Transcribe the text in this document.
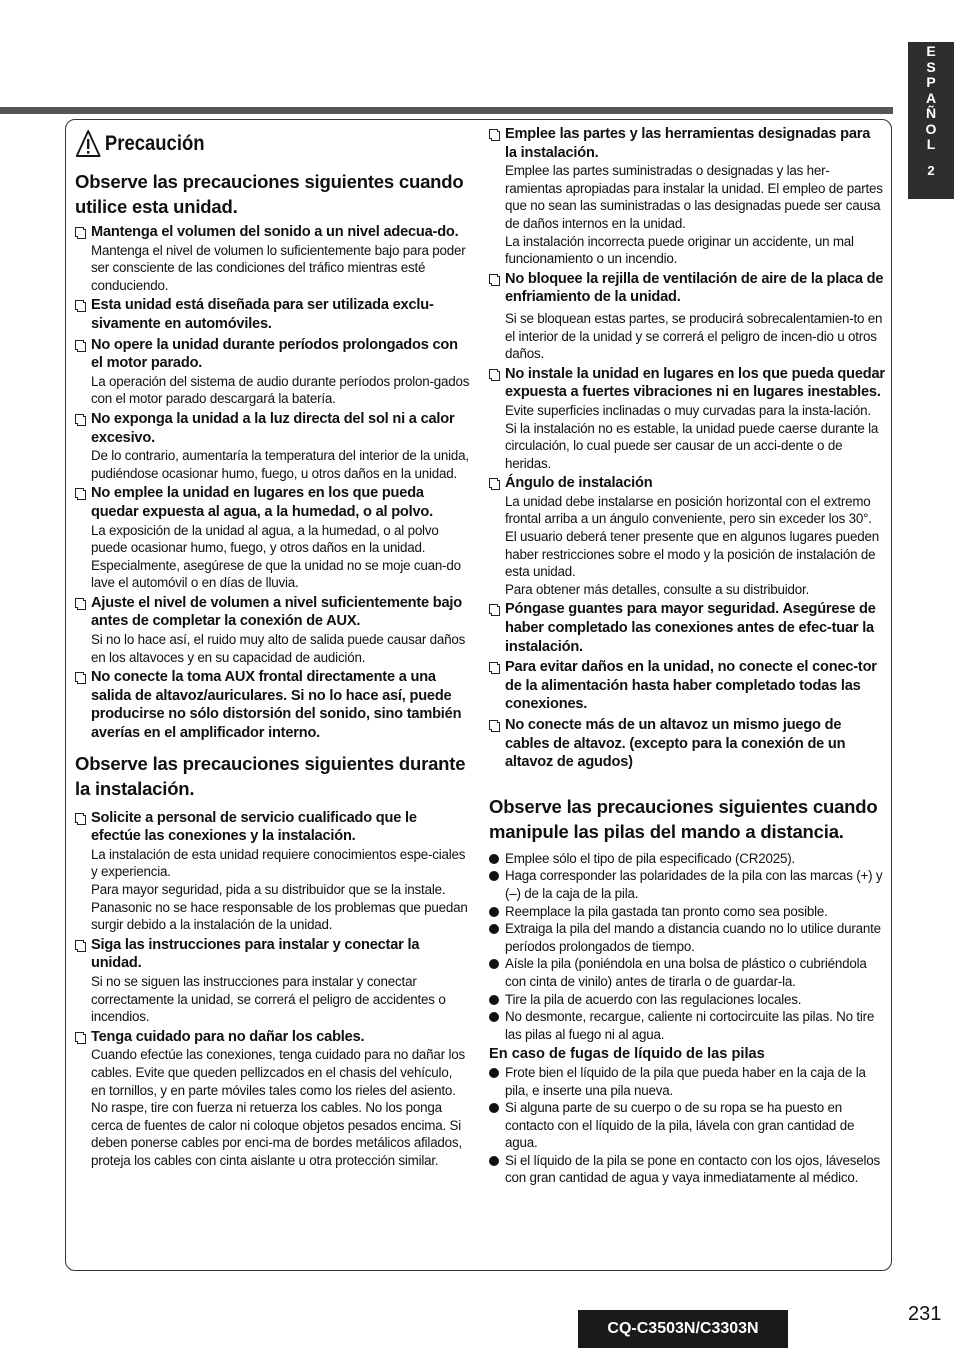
E
S
P
A
Ñ
O
L
2
Precaución
Observe las precauciones siguientes cuando utilice esta unidad.
Mantenga el volumen del sonido a un nivel adecua-do.
Mantenga el nivel de volumen lo suficientemente bajo para poder ser consciente de las condiciones del tráfico mientras esté conduciendo.
Esta unidad está diseñada para ser utilizada exclu-sivamente en automóviles.
No opere la unidad durante períodos prolongados con el motor parado.
La operación del sistema de audio durante períodos prolon-gados con el motor parado descargará la batería.
No exponga la unidad a la luz directa del sol ni a calor excesivo.
De lo contrario, aumentaría la temperatura del interior de la unida, pudiéndose ocasionar humo, fuego, u otros daños en la unidad.
No emplee la unidad en lugares en los que pueda quedar expuesta al agua, a la humedad, o al polvo.
La exposición de la unidad al agua, a la humedad, o al polvo puede ocasionar humo, fuego, y otros daños en la unidad. Especialmente, asegúrese de que la unidad no se moje cuan-do lave el automóvil o en días de lluvia.
Ajuste el nivel de volumen a nivel suficientemente bajo antes de completar la conexión de AUX.
Si no lo hace así, el ruido muy alto de salida puede causar daños en los altavoces y en su capacidad de audición.
No conecte la toma AUX frontal directamente a una salida de altavoz/auriculares. Si no lo hace así, puede producirse no sólo distorsión del sonido, sino también averías en el amplificador interno.
Observe las precauciones siguientes durante la instalación.
Solicite a personal de servicio cualificado que le efectúe las conexiones y la instalación.
La instalación de esta unidad requiere conocimientos espe-ciales y experiencia.
Para mayor seguridad, pida a su distribuidor que se la instale.
Panasonic no se hace responsable de los problemas que puedan surgir debido a la instalación de la unidad.
Siga las instrucciones para instalar y conectar la unidad.
Si no se siguen las instrucciones para instalar y conectar correctamente la unidad, se correrá el peligro de accidentes o incendios.
Tenga cuidado para no dañar los cables.
Cuando efectúe las conexiones, tenga cuidado para no dañar los cables. Evite que queden pellizcados en el chasis del vehículo, en tornillos, y en parte móviles tales como los rieles del asiento. No raspe, tire con fuerza ni retuerza los cables. No los ponga cerca de fuentes de calor ni coloque objetos pesados encima. Si deben ponerse cables por enci-ma de bordes metálicos afilados, proteja los cables con cinta aislante u otra protección similar.
Emplee las partes y las herramientas designadas para la instalación.
Emplee las partes suministradas o designadas y las her-ramientas apropiadas para instalar la unidad. El empleo de partes que no sean las suministradas o las designadas puede ser causa de daños internos en la unidad.
La instalación incorrecta puede originar un accidente, un mal funcionamiento o un incendio.
No bloquee la rejilla de ventilación de aire de la placa de enfriamiento de la unidad.
Si se bloquean estas partes, se producirá sobrecalentamien-to en el interior de la unidad y se correrá el peligro de incen-dio u otros daños.
No instale la unidad en lugares en los que pueda quedar expuesta a fuertes vibraciones ni en lugares inestables.
Evite superficies inclinadas o muy curvadas para la insta-lación. Si la instalación no es estable, la unidad puede caerse durante la circulación, lo cual puede ser causar de un acci-dente o de heridas.
Ángulo de instalación
La unidad debe instalarse en posición horizontal con el extremo frontal arriba a un ángulo conveniente, pero sin exceder los 30°.
El usuario deberá tener presente que en algunos lugares pueden haber restricciones sobre el modo y la posición de instalación de esta unidad.
Para obtener más detalles, consulte a su distribuidor.
Póngase guantes para mayor seguridad. Asegúrese de haber completado las conexiones antes de efec-tuar la instalación.
Para evitar daños en la unidad, no conecte el conec-tor de la alimentación hasta haber completado todas las conexiones.
No conecte más de un altavoz un mismo juego de cables de altavoz. (excepto para la conexión de un altavoz de agudos)
Observe las precauciones siguientes cuando manipule las pilas del mando a distancia.
Emplee sólo el tipo de pila especificado (CR2025).
Haga corresponder las polaridades de la pila con las marcas (+) y (–) de la caja de la pila.
Reemplace la pila gastada tan pronto como sea posible.
Extraiga la pila del mando a distancia cuando no lo utilice durante períodos prolongados de tiempo.
Aísle la pila (poniéndola en una bolsa de plástico o cubriéndola con cinta de vinilo) antes de tirarla o de guardar-la.
Tire la pila de acuerdo con las regulaciones locales.
No desmonte, recargue, caliente ni cortocircuite las pilas. No tire las pilas al fuego ni al agua.
En caso de fugas de líquido de las pilas
Frote bien el líquido de la pila que pueda haber en la caja de la pila, e inserte una pila nueva.
Si alguna parte de su cuerpo o de su ropa se ha puesto en contacto con el líquido de la pila, lávela con gran cantidad de agua.
Si el líquido de la pila se pone en contacto con los ojos, láveselos con gran cantidad de agua y vaya inmediatamente al médico.
231
CQ-C3503N/C3303N
